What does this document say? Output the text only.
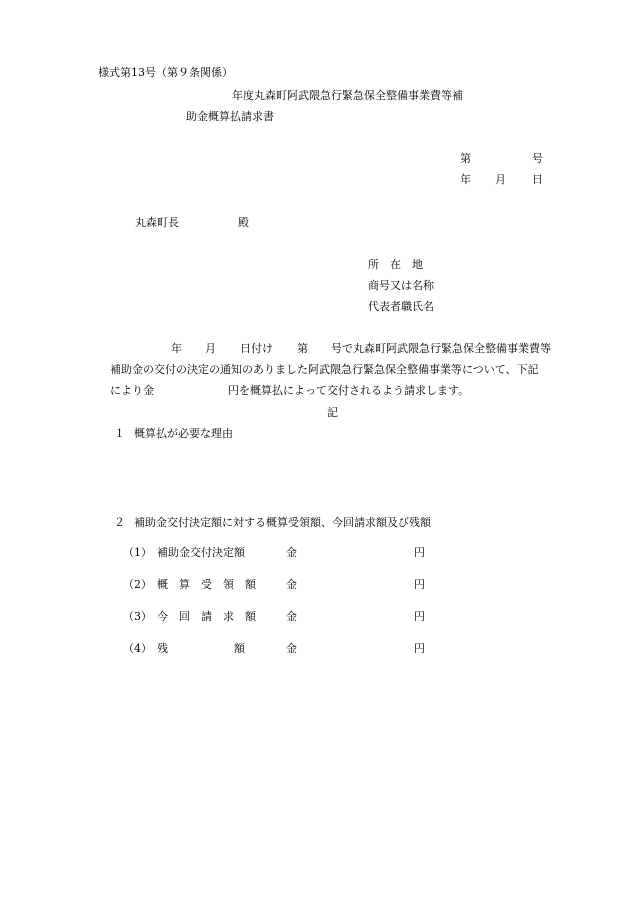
様式第13号（第９条関係）
年度丸森町阿武隈急行緊急保全整備事業費等補
助金概算払請求書
第	号
年 月 日
丸森町長	殿
所　在　地
商号又は名称
代表者職氏名
年 月 日付け 第 号で丸森町阿武隈急行緊急保全整備事業費等
補助金の交付の決定の通知のありました阿武隈急行緊急保全整備事業等について、下記
により金	円を概算払によって交付されるよう請求します。
記
１ 概算払が必要な理由
２ 補助金交付決定額に対する概算受領額、今回請求額及び残額
（1） 補助金交付決定額	金	円
（2） 概　算　受　領　額	金	円
（3） 今　回　請　求　額	金	円
（4） 残　　　　　　額	金	円
